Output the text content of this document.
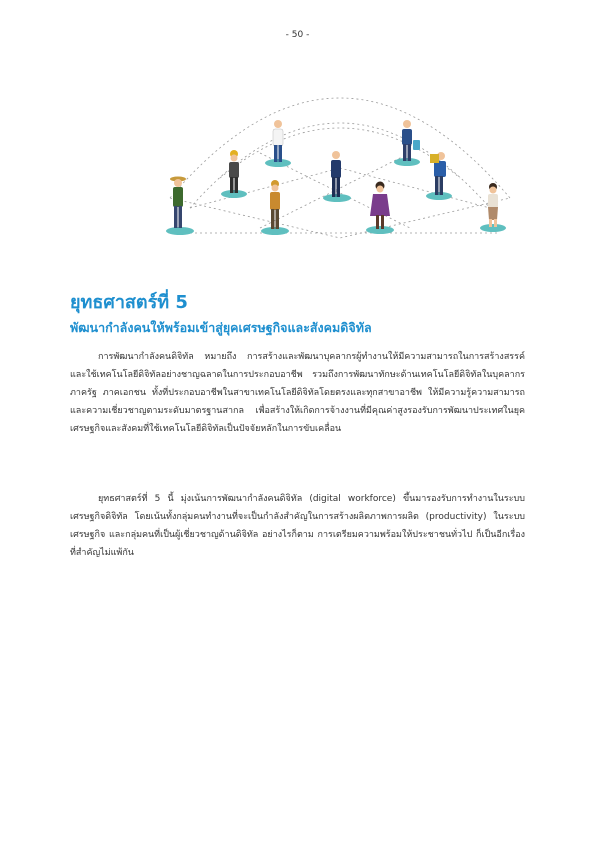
- 50 -
ยุทธศาสตร์ที่ 5
พัฒนากำลังคนให้พร้อมเข้าสู่ยุคเศรษฐกิจและสังคมดิจิทัล

การพัฒนากำลังคนดิจิทัล หมายถึง การสร้างและพัฒนาบุคลากรผู้ทำงานให้มีความสามารถในการสร้างสรรค์และใช้เทคโนโลยีดิจิทัลอย่างชาญฉลาดในการประกอบอาชีพ รวมถึงการพัฒนาทักษะด้านเทคโนโลยีดิจิทัลในบุคลากรภาครัฐ ภาคเอกชน ทั้งที่ประกอบอาชีพในสาขาเทคโนโลยีดิจิทัลโดยตรงและทุกสาขาอาชีพ ให้มีความรู้ความสามารถและความเชี่ยวชาญตามระดับมาตรฐานสากล เพื่อสร้างให้เกิดการจ้างงานที่มีคุณค่าสูงรองรับการพัฒนาประเทศในยุคเศรษฐกิจและสังคมที่ใช้เทคโนโลยีดิจิทัลเป็นปัจจัยหลักในการขับเคลื่อน

ยุทธศาสตร์ที่ 5 นี้ มุ่งเน้นการพัฒนากำลังคนดิจิทัล (digital workforce) ขึ้นมารองรับการทำงานในระบบเศรษฐกิจดิจิทัล โดยเน้นทั้งกลุ่มคนทำงานที่จะเป็นกำลังสำคัญในการสร้างผลิตภาพการผลิต (productivity) ในระบบเศรษฐกิจ และกลุ่มคนที่เป็นผู้เชี่ยวชาญด้านดิจิทัล อย่างไรก็ตาม การเตรียมความพร้อมให้ประชาชนทั่วไป ก็เป็นอีกเรื่องที่สำคัญไม่แพ้กัน
